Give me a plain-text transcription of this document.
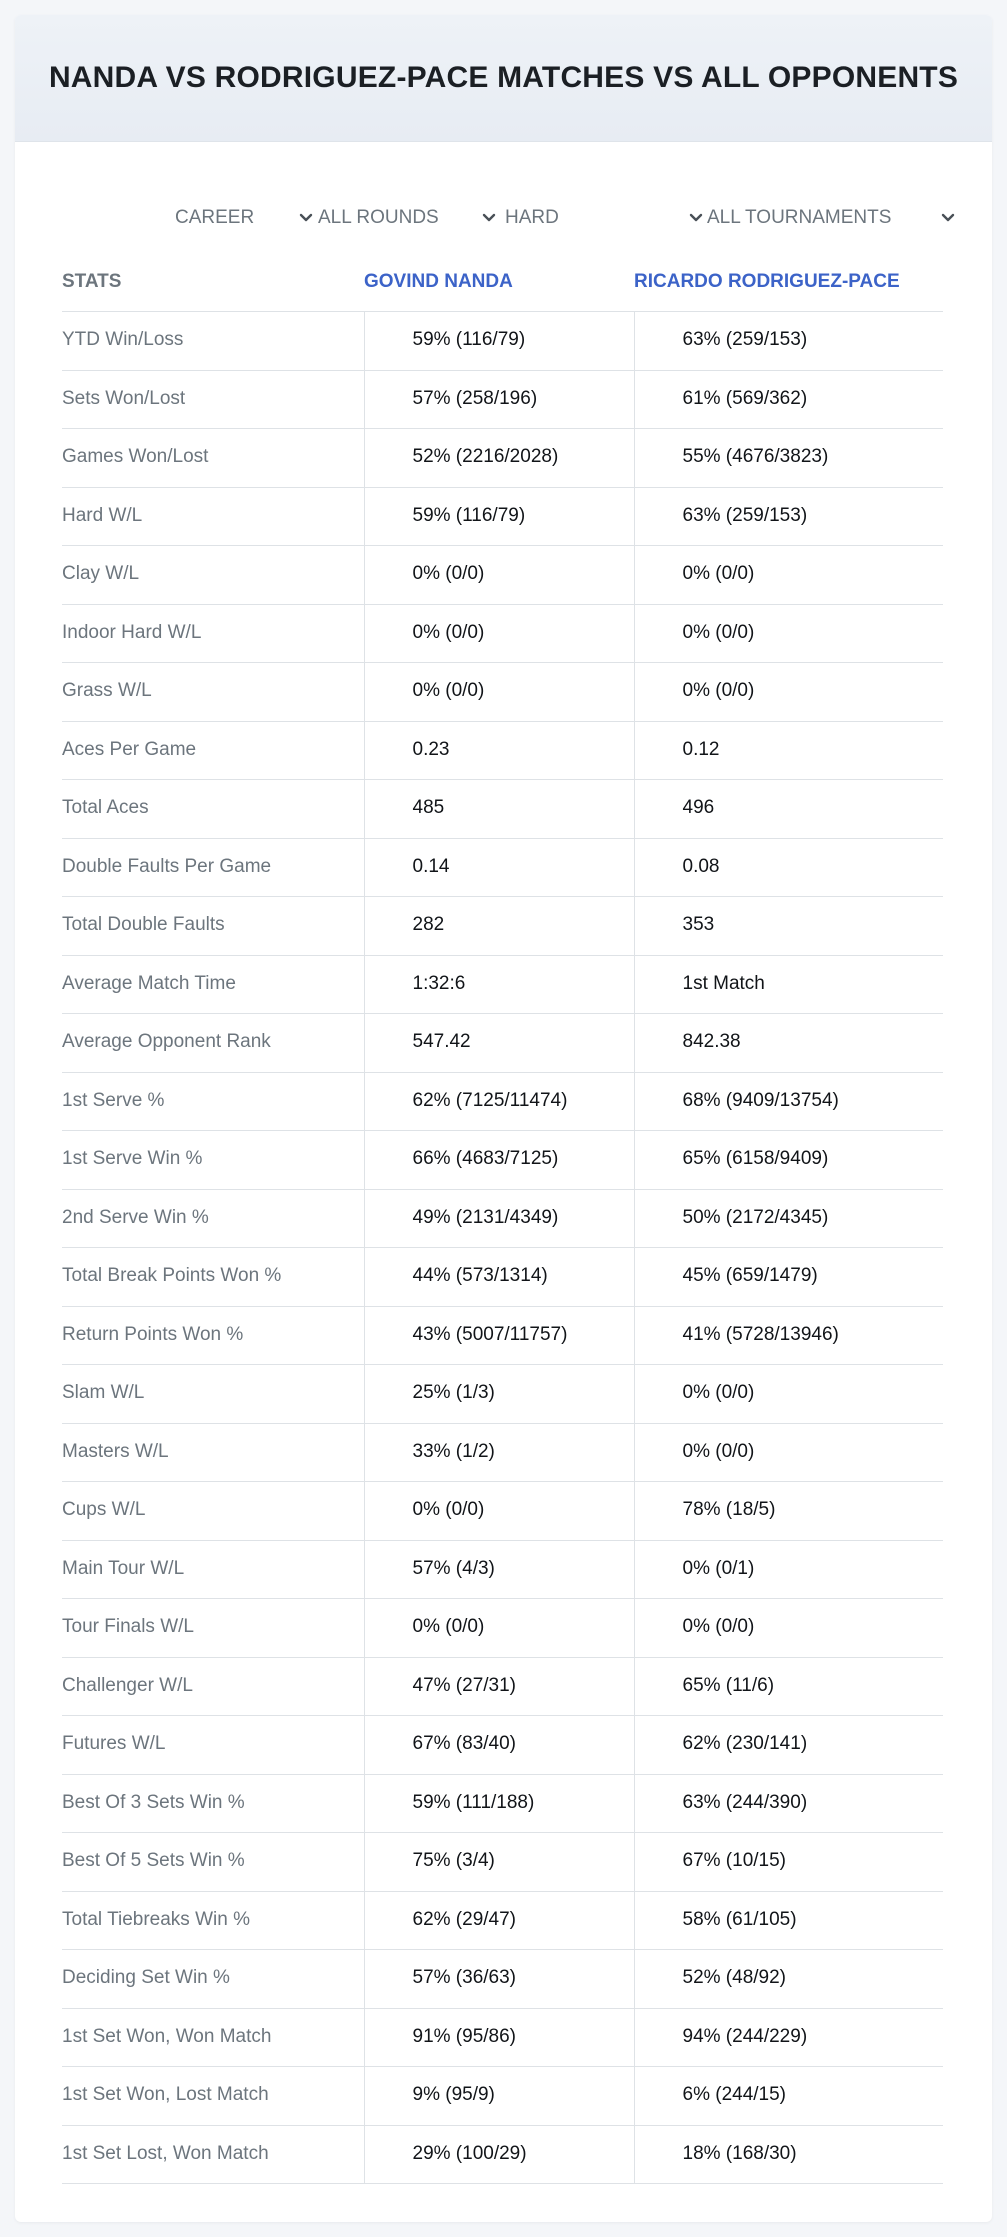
NANDA VS RODRIGUEZ-PACE MATCHES VS ALL OPPONENTS
CAREER	ALL ROUNDS	HARD	ALL TOURNAMENTS
STATS	GOVIND NANDA	RICARDO RODRIGUEZ-PACE
YTD Win/Loss	59% (116/79)	63% (259/153)
Sets Won/Lost	57% (258/196)	61% (569/362)
Games Won/Lost	52% (2216/2028)	55% (4676/3823)
Hard W/L	59% (116/79)	63% (259/153)
Clay W/L	0% (0/0)	0% (0/0)
Indoor Hard W/L	0% (0/0)	0% (0/0)
Grass W/L	0% (0/0)	0% (0/0)
Aces Per Game	0.23	0.12
Total Aces	485	496
Double Faults Per Game	0.14	0.08
Total Double Faults	282	353
Average Match Time	1:32:6	1st Match
Average Opponent Rank	547.42	842.38
1st Serve %	62% (7125/11474)	68% (9409/13754)
1st Serve Win %	66% (4683/7125)	65% (6158/9409)
2nd Serve Win %	49% (2131/4349)	50% (2172/4345)
Total Break Points Won %	44% (573/1314)	45% (659/1479)
Return Points Won %	43% (5007/11757)	41% (5728/13946)
Slam W/L	25% (1/3)	0% (0/0)
Masters W/L	33% (1/2)	0% (0/0)
Cups W/L	0% (0/0)	78% (18/5)
Main Tour W/L	57% (4/3)	0% (0/1)
Tour Finals W/L	0% (0/0)	0% (0/0)
Challenger W/L	47% (27/31)	65% (11/6)
Futures W/L	67% (83/40)	62% (230/141)
Best Of 3 Sets Win %	59% (111/188)	63% (244/390)
Best Of 5 Sets Win %	75% (3/4)	67% (10/15)
Total Tiebreaks Win %	62% (29/47)	58% (61/105)
Deciding Set Win %	57% (36/63)	52% (48/92)
1st Set Won, Won Match	91% (95/86)	94% (244/229)
1st Set Won, Lost Match	9% (95/9)	6% (244/15)
1st Set Lost, Won Match	29% (100/29)	18% (168/30)
